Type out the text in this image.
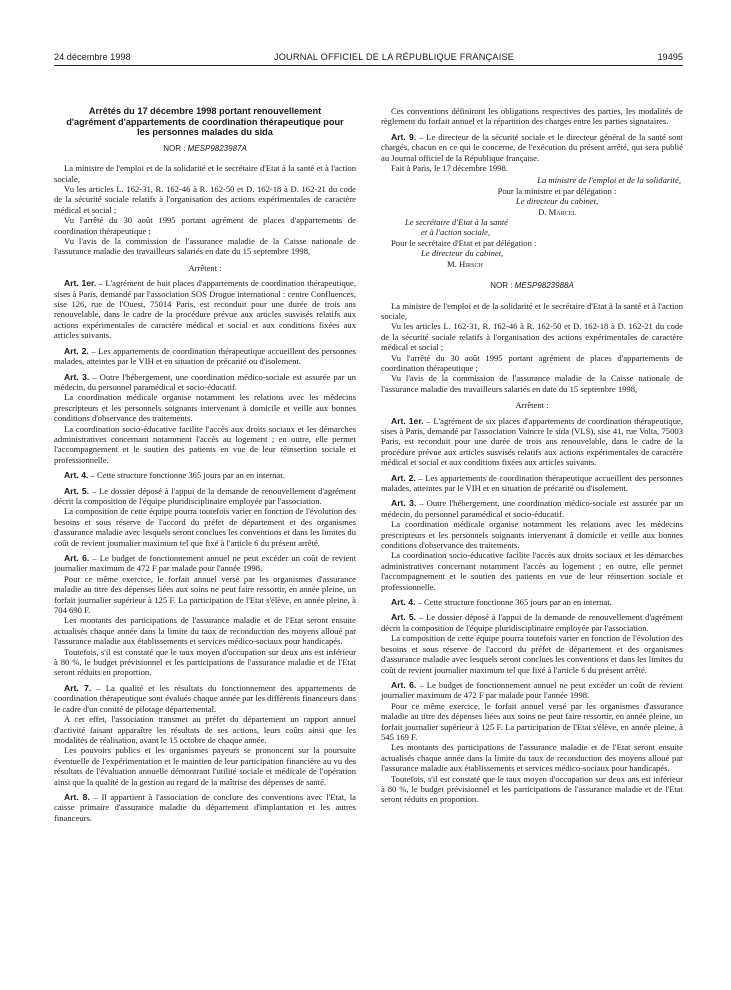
24 décembre 1998	JOURNAL OFFICIEL DE LA RÉPUBLIQUE FRANÇAISE	19495
Arrêtés du 17 décembre 1998 portant renouvellement d'agrément d'appartements de coordination thérapeutique pour les personnes malades du sida
NOR : MESP9823987A

La ministre de l'emploi et de la solidarité et le secrétaire d'Etat à la santé et à l'action sociale,

Vu les articles L. 162-31, R. 162-46 à R. 162-50 et D. 162-18 à D. 162-21 du code de la sécurité sociale relatifs à l'organisation des actions expérimentales de caractère médical et social ;

Vu l'arrêté du 30 août 1995 portant agrément de places d'appartements de coordination thérapeutique ;

Vu l'avis de la commission de l'assurance maladie de la Caisse nationale de l'assurance maladie des travailleurs salariés en date du 15 septembre 1998,

Arrêtent :

Art. 1er. – L'agrément de huit places d'appartements de coordination thérapeutique, sises à Paris, demandé par l'association SOS Drogue international : centre Confluences, sise 126, rue de l'Ouest, 75014 Paris, est reconduit pour une durée de trois ans renouvelable, dans le cadre de la procédure prévue aux articles susvisés relatifs aux actions expérimentales de caractère médical et social et aux conditions fixées aux articles suivants.

Art. 2. – Les appartements de coordination thérapeutique accueillent des personnes malades, atteintes par le VIH et en situation de précarité ou d'isolement.

Art. 3. – Outre l'hébergement, une coordination médico-sociale est assurée par un médecin, du personnel paramédical et socio-éducatif.

La coordination médicale organise notamment les relations avec les médecins prescripteurs et les personnels soignants intervenant à domicile et veille aux bonnes conditions d'observance des traitements.

La coordination socio-éducative facilite l'accès aux droits sociaux et les démarches administratives concernant notamment l'accès au logement ; en outre, elle permet l'accompagnement et le soutien des patients en vue de leur réinsertion sociale et professionnelle.

Art. 4. – Cette structure fonctionne 365 jours par an en internat.

Art. 5. – Le dossier déposé à l'appui de la demande de renouvellement d'agrément décrit la composition de l'équipe pluridisciplinaire employée par l'association.

La composition de cette équipe pourra toutefois varier en fonction de l'évolution des besoins et sous réserve de l'accord du préfet de département et des organismes d'assurance maladie avec lesquels seront conclues les conventions et dans les limites du coût de revient journalier maximum tel que fixé à l'article 6 du présent arrêté.

Art. 6. – Le budget de fonctionnement annuel ne peut excéder un coût de revient journalier maximum de 472 F par malade pour l'année 1998.

Pour ce même exercice, le forfait annuel versé par les organismes d'assurance maladie au titre des dépenses liées aux soins ne peut faire ressortir, en année pleine, un forfait journalier supérieur à 125 F. La participation de l'Etat s'élève, en année pleine, à 704 690 F.

Les montants des participations de l'assurance maladie et de l'Etat seront ensuite actualisés chaque année dans la limite du taux de reconduction des moyens alloué par l'assurance maladie aux établissements et services médico-sociaux pour handicapés.

Toutefois, s'il est constaté que le taux moyen d'occupation sur deux ans est inférieur à 80 %, le budget prévisionnel et les participations de l'assurance maladie et de l'Etat seront réduits en proportion.

Art. 7. – La qualité et les résultats du fonctionnement des appartements de coordination thérapeutique sont évalués chaque année par les différents financeurs dans le cadre d'un comité de pilotage départemental.

A cet effet, l'association transmet au préfet du département un rapport annuel d'activité faisant apparaître les résultats de ses actions, leurs coûts ainsi que les modalités de réalisation, avant le 15 octobre de chaque année.

Les pouvoirs publics et les organismes payeurs se prononcent sur la poursuite éventuelle de l'expérimentation et le maintien de leur participation financière au vu des résultats de l'évaluation annuelle démontrant l'utilité sociale et médicale de l'opération ainsi que la qualité de la gestion au regard de la maîtrise des dépenses de santé.

Art. 8. – Il appartient à l'association de conclure des conventions avec l'Etat, la caisse primaire d'assurance maladie du département d'implantation et les autres financeurs.

Ces conventions définiront les obligations respectives des parties, les modalités de règlement du forfait annuel et la répartition des charges entre les parties signataires.

Art. 9. – Le directeur de la sécurité sociale et le directeur général de la santé sont chargés, chacun en ce qui le concerne, de l'exécution du présent arrêté, qui sera publié au Journal officiel de la République française.

Fait à Paris, le 17 décembre 1998.

La ministre de l'emploi et de la solidarité,

Pour la ministre et par délégation :

Le directeur du cabinet,

D. Marcel

Le secrétaire d'Etat à la santé

et à l'action sociale,

Pour le secrétaire d'Etat et par délégation :

Le directeur du cabinet,

M. Hirsch

NOR : MESP9823988A

La ministre de l'emploi et de la solidarité et le secrétaire d'Etat à la santé et à l'action sociale,

Vu les articles L. 162-31, R. 162-46 à R. 162-50 et D. 162-18 à D. 162-21 du code de la sécurité sociale relatifs à l'organisation des actions expérimentales de caractère médical et social ;

Vu l'arrêté du 30 août 1995 portant agrément de places d'appartements de coordination thérapeutique ;

Vu l'avis de la commission de l'assurance maladie de la Caisse nationale de l'assurance maladie des travailleurs salariés en date du 15 septembre 1998,

Arrêtent :

Art. 1er. – L'agrément de six places d'appartements de coordination thérapeutique, sises à Paris, demandé par l'association Vaincre le sida (VLS), sise 41, rue Volta, 75003 Paris, est reconduit pour une durée de trois ans renouvelable, dans le cadre de la procédure prévue aux articles susvisés relatifs aux actions expérimentales de caractère médical et social et aux conditions fixées aux articles suivants.

Art. 2. – Les appartements de coordination thérapeutique accueillent des personnes malades, atteintes par le VIH et en situation de précarité ou d'isolement.

Art. 3. – Outre l'hébergement, une coordination médico-sociale est assurée par un médecin, du personnel paramédical et socio-éducatif.

La coordination médicale organise notamment les relations avec les médecins prescripteurs et les personnels soignants intervenant à domicile et veille aux bonnes conditions d'observance des traitements.

La coordination socio-éducative facilite l'accès aux droits sociaux et les démarches administratives concernant notamment l'accès au logement ; en outre, elle permet l'accompagnement et le soutien des patients en vue de leur réinsertion sociale et professionnelle.

Art. 4. – Cette structure fonctionne 365 jours par an en internat.

Art. 5. – Le dossier déposé à l'appui de la demande de renouvellement d'agrément décrit la composition de l'équipe pluridisciplinaire employée par l'association.

La composition de cette équipe pourra toutefois varier en fonction de l'évolution des besoins et sous réserve de l'accord du préfet de département et des organismes d'assurance maladie avec lesquels seront conclues les conventions et dans les limites du coût de revient journalier maximum tel que fixé à l'article 6 du présent arrêté.

Art. 6. – Le budget de fonctionnement annuel ne peut excéder un coût de revient journalier maximum de 472 F par malade pour l'année 1998.

Pour ce même exercice, le forfait annuel versé par les organismes d'assurance maladie au titre des dépenses liées aux soins ne peut faire ressortir, en année pleine, un forfait journalier supérieur à 125 F. La participation de l'Etat s'élève, en année pleine, à 545 169 F.

Les montants des participations de l'assurance maladie et de l'Etat seront ensuite actualisés chaque année dans la limite du taux de reconduction des moyens alloué par l'assurance maladie aux établissements et services médico-sociaux pour handicapés.

Toutefois, s'il est constaté que le taux moyen d'occupation sur deux ans est inférieur à 80 %, le budget prévisionnel et les participations de l'assurance maladie et de l'Etat seront réduits en proportion.
